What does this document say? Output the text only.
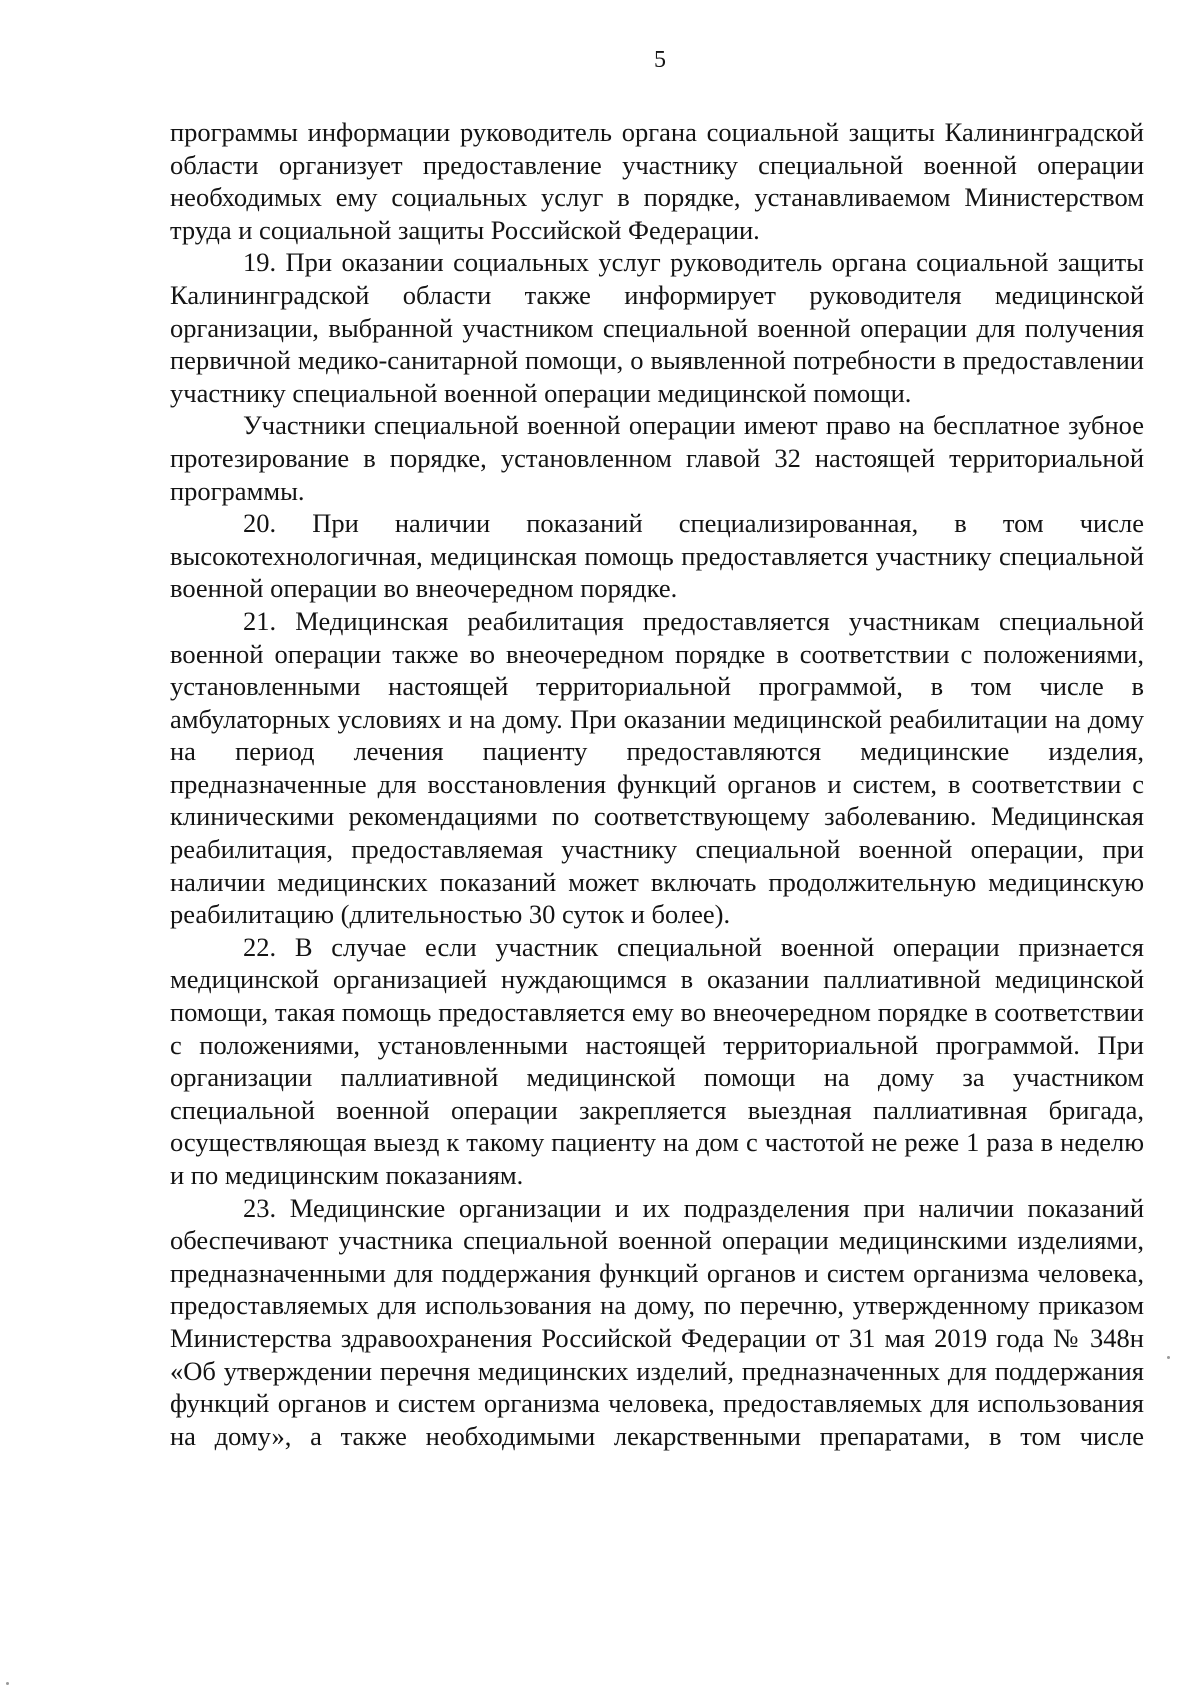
5

программы информации руководитель органа социальной защиты Калининградской области организует предоставление участнику специальной военной операции необходимых ему социальных услуг в порядке, устанавливаемом Министерством труда и социальной защиты Российской Федерации.

19. При оказании социальных услуг руководитель органа социальной защиты Калининградской области также информирует руководителя медицинской организации, выбранной участником специальной военной операции для получения первичной медико-санитарной помощи, о выявленной потребности в предоставлении участнику специальной военной операции медицинской помощи.

Участники специальной военной операции имеют право на бесплатное зубное протезирование в порядке, установленном главой 32 настоящей территориальной программы.

20. При наличии показаний специализированная, в том числе высокотехнологичная, медицинская помощь предоставляется участнику специальной военной операции во внеочередном порядке.

21. Медицинская реабилитация предоставляется участникам специальной военной операции также во внеочередном порядке в соответствии с положениями, установленными настоящей территориальной программой, в том числе в амбулаторных условиях и на дому. При оказании медицинской реабилитации на дому на период лечения пациенту предоставляются медицинские изделия, предназначенные для восстановления функций органов и систем, в соответствии с клиническими рекомендациями по соответствующему заболеванию. Медицинская реабилитация, предоставляемая участнику специальной военной операции, при наличии медицинских показаний может включать продолжительную медицинскую реабилитацию (длительностью 30 суток и более).

22. В случае если участник специальной военной операции признается медицинской организацией нуждающимся в оказании паллиативной медицинской помощи, такая помощь предоставляется ему во внеочередном порядке в соответствии с положениями, установленными настоящей территориальной программой. При организации паллиативной медицинской помощи на дому за участником специальной военной операции закрепляется выездная паллиативная бригада, осуществляющая выезд к такому пациенту на дом с частотой не реже 1 раза в неделю и по медицинским показаниям.

23. Медицинские организации и их подразделения при наличии показаний обеспечивают участника специальной военной операции медицинскими изделиями, предназначенными для поддержания функций органов и систем организма человека, предоставляемых для использования на дому, по перечню, утвержденному приказом Министерства здравоохранения Российской Федерации от 31 мая 2019 года № 348н «Об утверждении перечня медицинских изделий, предназначенных для поддержания функций органов и систем организма человека, предоставляемых для использования на дому», а также необходимыми лекарственными препаратами, в том числе
